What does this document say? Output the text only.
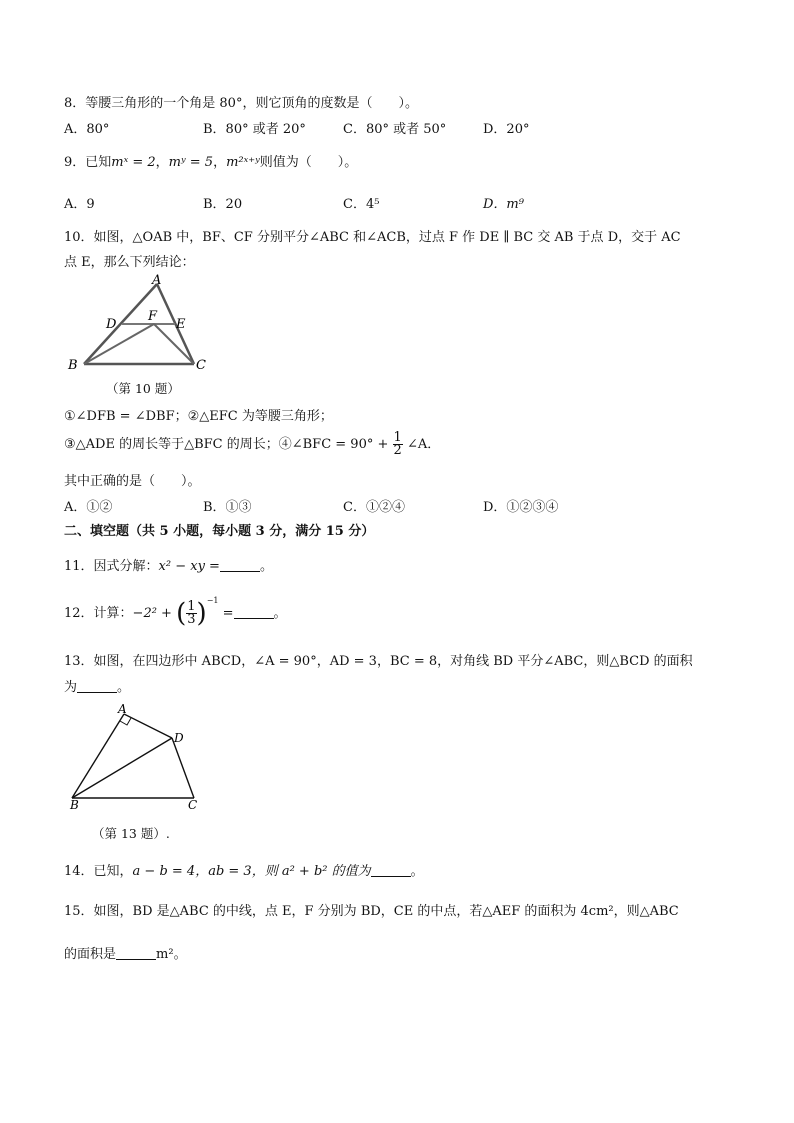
8．等腰三角形的一个角是 80°，则它顶角的度数是（　　）。
A．80°	B．80° 或者 20°	C．80° 或者 50°	D．20°
9．已知mˣ = 2，mʸ = 5，m²ˣ⁺ʸ则值为（　　）。
A．9	B．20	C．4⁵	D．m⁹
10．如图，△OAB 中，BF、CF 分别平分∠ABC 和∠ACB，过点 F 作 DE ∥ BC 交 AB 于点 D，交于 AC
点 E，那么下列结论：
A
D
F
E
B	C
（第 10 题）
①∠DFB = ∠DBF；②△EFC 为等腰三角形；
③△ADE 的周长等于△BFC 的周长；④∠BFC = $90^\circ + \frac{1}{2}$ ∠A．
其中正确的是（　　）。
A．①②	B．①③	C．①②④	D．①②③④
二、填空题（共 5 小题，每小题 3 分，满分 15 分）
11．因式分解：x² − xy =	。
12．计算：−2² + ( $\frac{1}{3} )^{-1}$ =	。
13．如图，在四边形中 ABCD，∠A = 90°，AD = 3，BC = 8，对角线 BD 平分∠ABC，则△BCD 的面积
为	。
A
D
B	C
（第 13 题）.
14．已知，a − b = 4，ab = 3，则 a² + b² 的值为	。
15．如图，BD 是△ABC 的中线，点 E，F 分别为 BD，CE 的中点，若△AEF 的面积为 4cm²，则△ABC
的面积是	m²。
